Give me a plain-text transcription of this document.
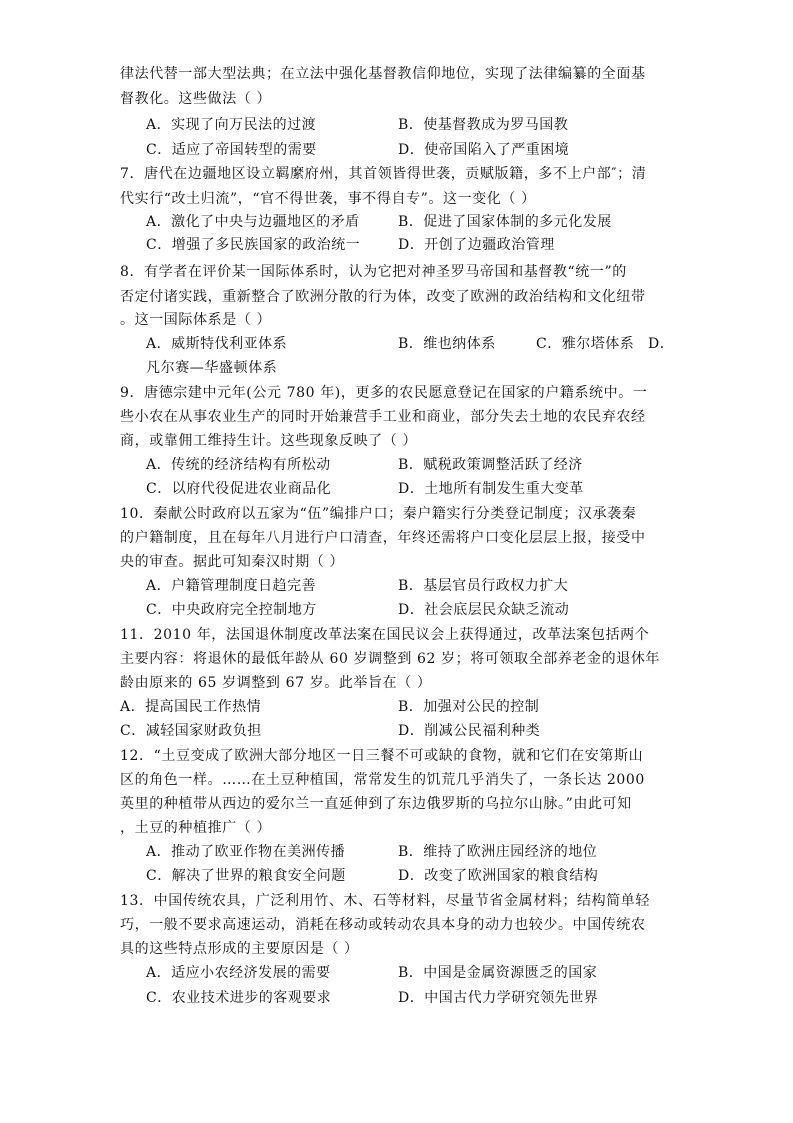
律法代替一部大型法典；在立法中强化基督教信仰地位，实现了法律编纂的全面基
督教化。这些做法（ ）
A．实现了向万民法的过渡	B．使基督教成为罗马国教
C．适应了帝国转型的需要	D．使帝国陷入了严重困境
7．唐代在边疆地区设立羁縻府州，其首领皆得世袭，贡赋版籍，多不上户部″；清
代实行“改土归流”，“官不得世袭，事不得自专”。这一变化（ ）
A．激化了中央与边疆地区的矛盾	B．促进了国家体制的多元化发展
C．增强了多民族国家的政治统一	D．开创了边疆政治管理
8．有学者在评价某一国际体系时，认为它把对神圣罗马帝国和基督教“统一”的
否定付诸实践，重新整合了欧洲分散的行为体，改变了欧洲的政治结构和文化纽带
。这一国际体系是（ ）
A．威斯特伐利亚体系	B．维也纳体系	C．雅尔塔体系 D．
凡尔赛—华盛顿体系
9．唐德宗建中元年(公元 780 年)，更多的农民愿意登记在国家的户籍系统中。一
些小农在从事农业生产的同时开始兼营手工业和商业，部分失去土地的农民弃农经
商，或靠佣工维持生计。这些现象反映了（ ）
A．传统的经济结构有所松动	B．赋税政策调整活跃了经济
C．以府代役促进农业商品化	D．土地所有制发生重大变革
10．秦献公时政府以五家为“伍”编排户口；秦户籍实行分类登记制度；汉承袭秦
的户籍制度，且在每年八月进行户口清查，年终还需将户口变化层层上报，接受中
央的审查。据此可知秦汉时期（ ）
A．户籍管理制度日趋完善	B．基层官员行政权力扩大
C．中央政府完全控制地方	D．社会底层民众缺乏流动
11．2010 年，法国退休制度改革法案在国民议会上获得通过，改革法案包括两个
主要内容：将退休的最低年龄从 60 岁调整到 62 岁；将可领取全部养老金的退休年
龄由原来的 65 岁调整到 67 岁。此举旨在（ ）
A．提高国民工作热情	B．加强对公民的控制
C．减轻国家财政负担	D．削减公民福利种类
12．“土豆变成了欧洲大部分地区一日三餐不可或缺的食物，就和它们在安第斯山
区的角色一样。……在土豆种植国，常常发生的饥荒几乎消失了，一条长达 2000
英里的种植带从西边的爱尔兰一直延伸到了东边俄罗斯的乌拉尔山脉。”由此可知
，土豆的种植推广（ ）
A．推动了欧亚作物在美洲传播	B．维持了欧洲庄园经济的地位
C．解决了世界的粮食安全问题	D．改变了欧洲国家的粮食结构
13．中国传统农具，广泛利用竹、木、石等材料，尽量节省金属材料；结构简单轻
巧，一般不要求高速运动，消耗在移动或转动农具本身的动力也较少。中国传统农
具的这些特点形成的主要原因是（ ）
A．适应小农经济发展的需要	B．中国是金属资源匮乏的国家
C．农业技术进步的客观要求	D．中国古代力学研究领先世界
